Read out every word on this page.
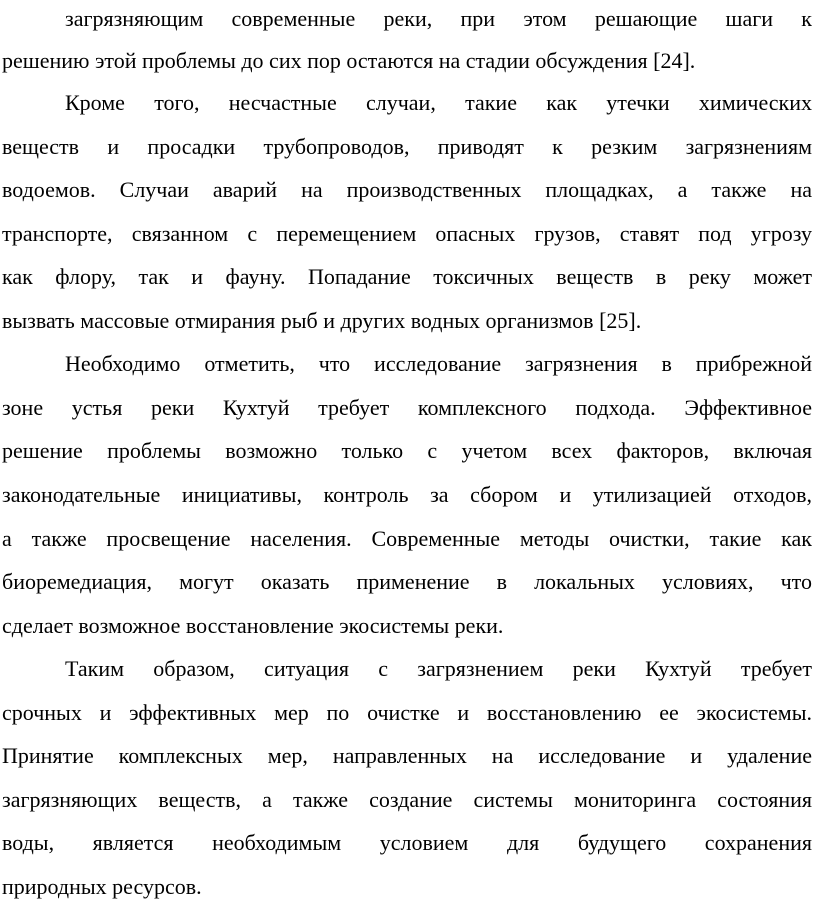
загрязняющим современные реки, при этом решающие шаги к
решению этой проблемы до сих пор остаются на стадии обсуждения [24].
Кроме того, несчастные случаи, такие как утечки химических
веществ и просадки трубопроводов, приводят к резким загрязнениям
водоемов. Случаи аварий на производственных площадках, а также на
транспорте, связанном с перемещением опасных грузов, ставят под угрозу
как флору, так и фауну. Попадание токсичных веществ в реку может
вызвать массовые отмирания рыб и других водных организмов [25].
Необходимо отметить, что исследование загрязнения в прибрежной
зоне устья реки Кухтуй требует комплексного подхода. Эффективное
решение проблемы возможно только с учетом всех факторов, включая
законодательные инициативы, контроль за сбором и утилизацией отходов,
а также просвещение населения. Современные методы очистки, такие как
биоремедиация, могут оказать применение в локальных условиях, что
сделает возможное восстановление экосистемы реки.
Таким образом, ситуация с загрязнением реки Кухтуй требует
срочных и эффективных мер по очистке и восстановлению ее экосистемы.
Принятие комплексных мер, направленных на исследование и удаление
загрязняющих веществ, а также создание системы мониторинга состояния
воды, является необходимым условием для будущего сохранения
природных ресурсов.
